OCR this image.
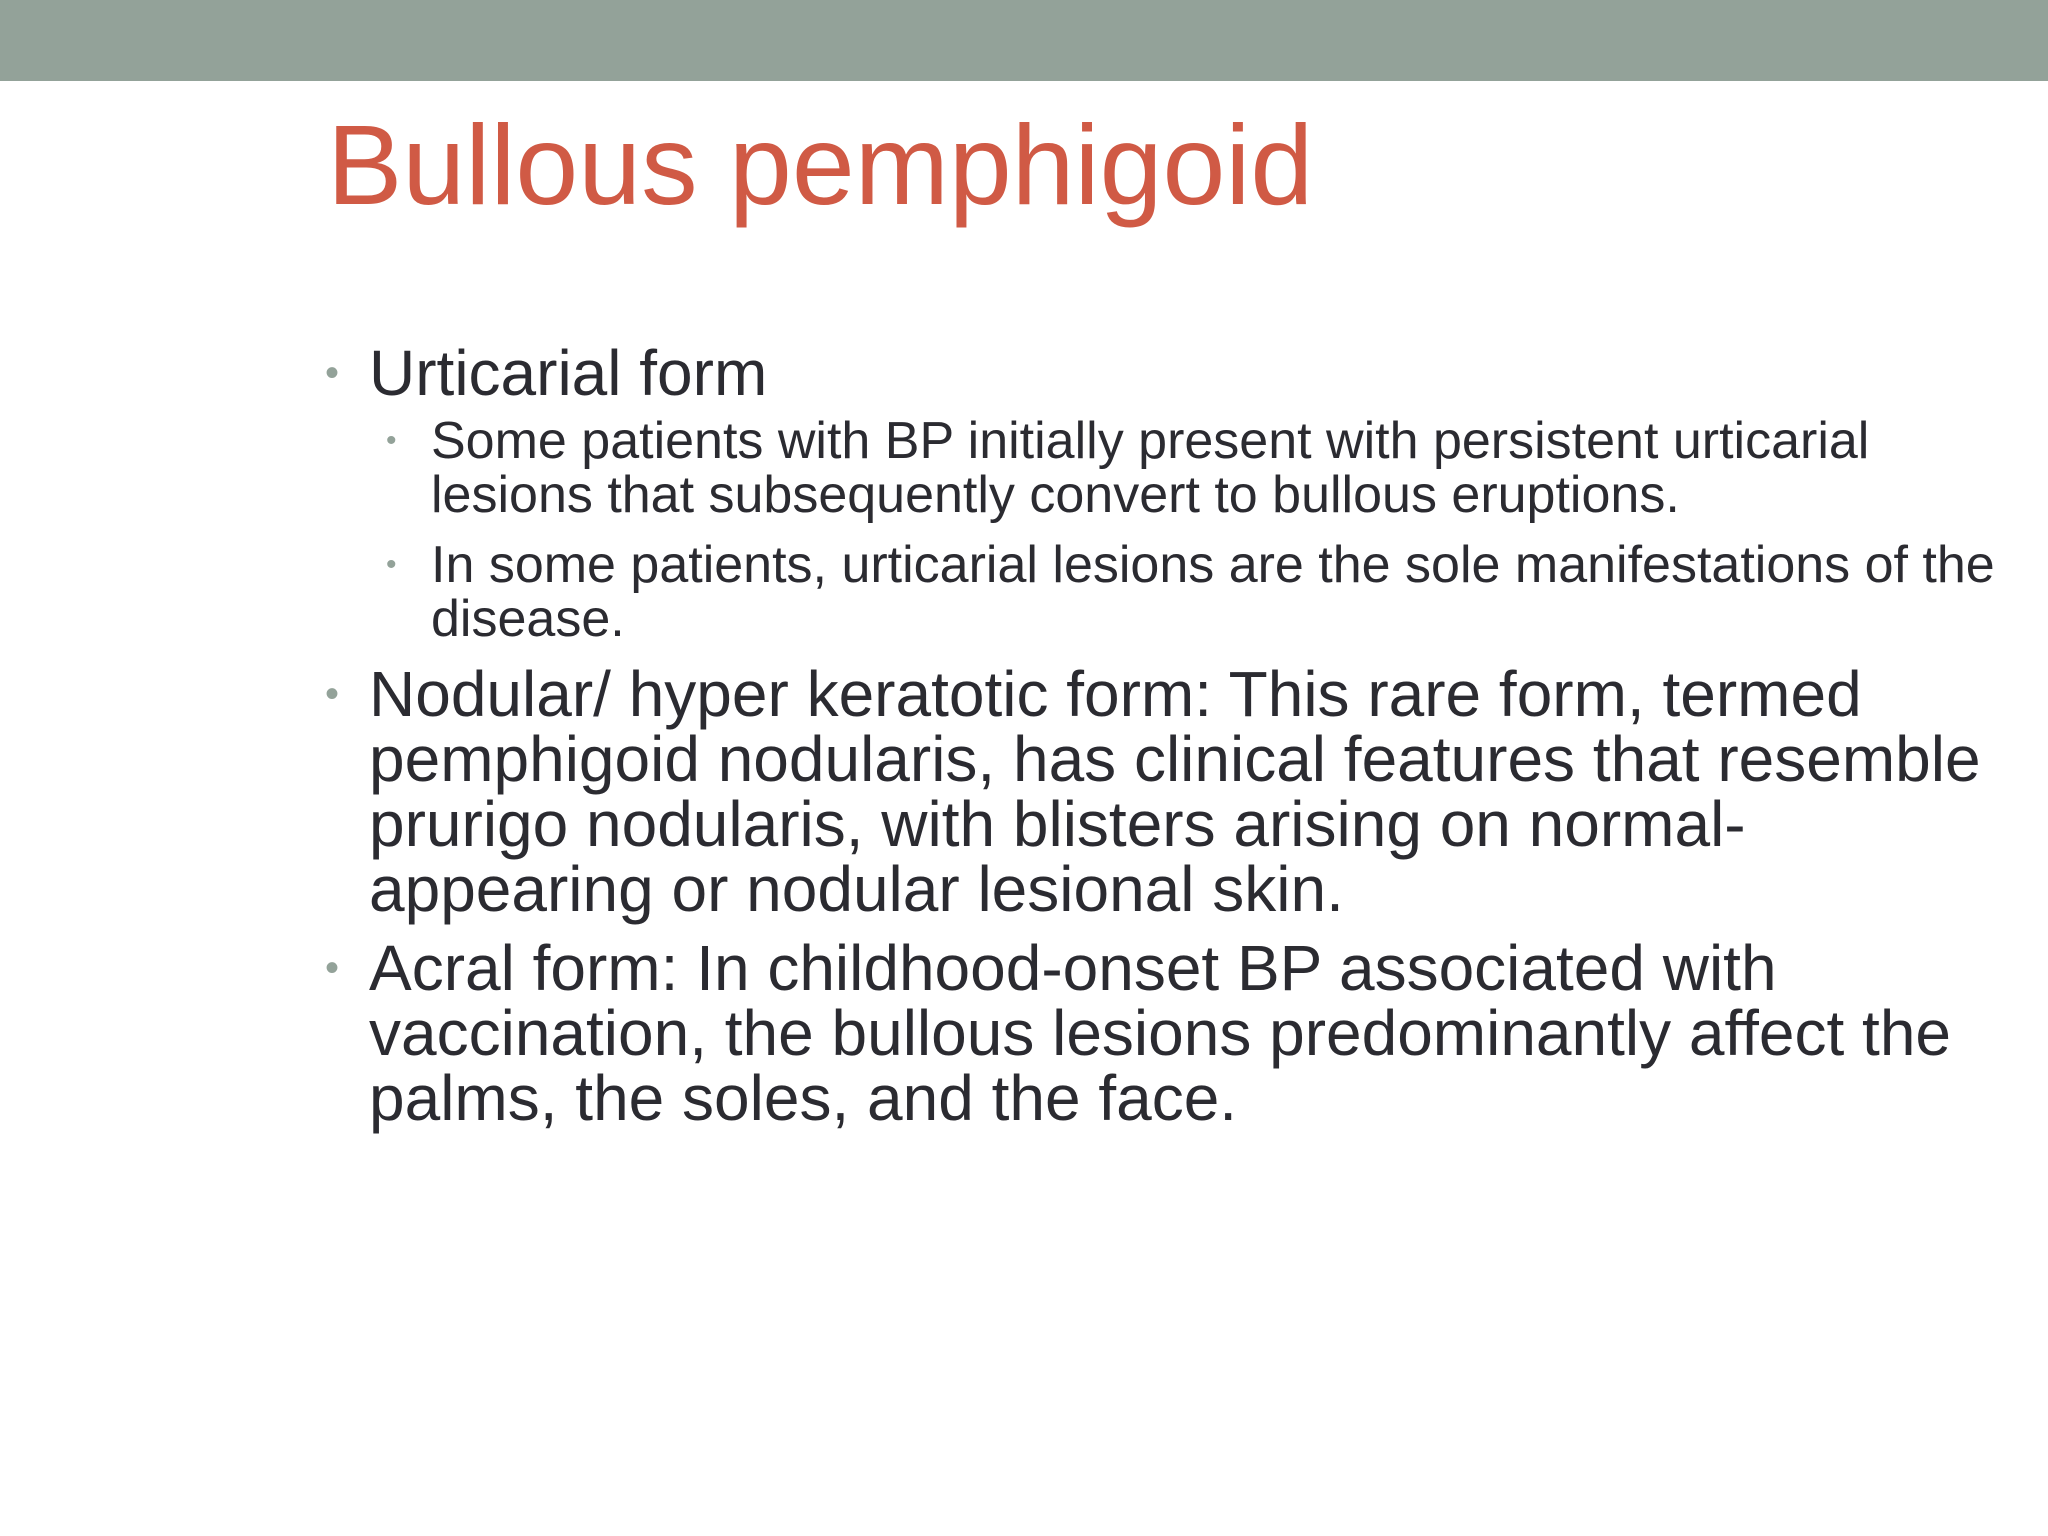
Bullous pemphigoid
• Urticarial form
• Some patients with BP initially present with persistent urticarial lesions that subsequently convert to bullous eruptions.
• In some patients, urticarial lesions are the sole manifestations of the disease.
• Nodular/ hyper keratotic form: This rare form, termed pemphigoid nodularis, has clinical features that resemble prurigo nodularis, with blisters arising on normal-appearing or nodular lesional skin.
• Acral form: In childhood-onset BP associated with vaccination, the bullous lesions predominantly affect the palms, the soles, and the face.
